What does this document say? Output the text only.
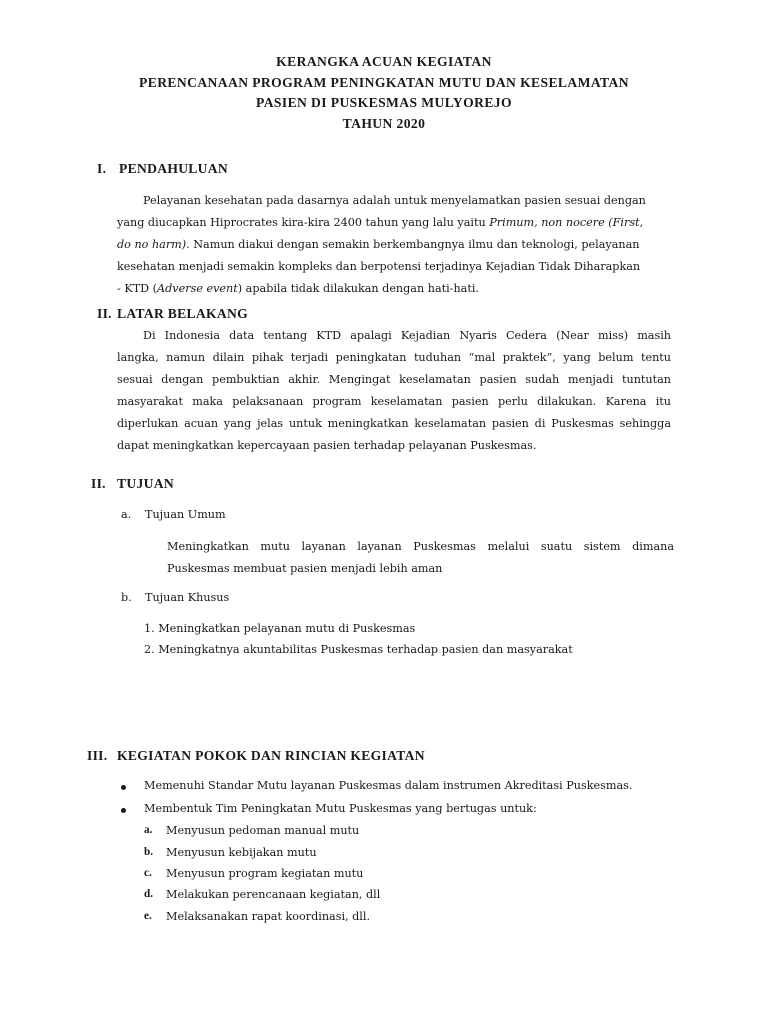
KERANGKA ACUAN KEGIATAN
PERENCANAAN PROGRAM PENINGKATAN MUTU DAN KESELAMATAN
PASIEN DI PUSKESMAS MULYOREJO
TAHUN 2020
I. PENDAHULUAN
Pelayanan kesehatan pada dasarnya adalah untuk menyelamatkan pasien sesuai dengan
yang diucapkan Hiprocrates kira-kira 2400 tahun yang lalu yaitu Primum, non nocere (First,
do no harm). Namun diakui dengan semakin berkembangnya ilmu dan teknologi, pelayanan
kesehatan menjadi semakin kompleks dan berpotensi terjadinya Kejadian Tidak Diharapkan
- KTD (Adverse event) apabila tidak dilakukan dengan hati-hati.
II. LATAR BELAKANG
Di Indonesia data tentang KTD apalagi Kejadian Nyaris Cedera (Near miss) masih
langka, namun dilain pihak terjadi peningkatan tuduhan “mal praktek”, yang belum tentu
sesuai dengan pembuktian akhir. Mengingat keselamatan pasien sudah menjadi tuntutan
masyarakat maka pelaksanaan program keselamatan pasien perlu dilakukan. Karena itu
diperlukan acuan yang jelas untuk meningkatkan keselamatan pasien di Puskesmas sehingga
dapat meningkatkan kepercayaan pasien terhadap pelayanan Puskesmas.
II. TUJUAN
a. Tujuan Umum
Meningkatkan mutu layanan layanan Puskesmas melalui suatu sistem dimana
Puskesmas membuat pasien menjadi lebih aman
b. Tujuan Khusus
1. Meningkatkan pelayanan mutu di Puskesmas
2. Meningkatnya akuntabilitas Puskesmas terhadap pasien dan masyarakat
III. KEGIATAN POKOK DAN RINCIAN KEGIATAN
Memenuhi Standar Mutu layanan Puskesmas dalam instrumen Akreditasi Puskesmas.
Membentuk Tim Peningkatan Mutu Puskesmas yang bertugas untuk:
a. Menyusun pedoman manual mutu
b. Menyusun kebijakan mutu
c. Menyusun program kegiatan mutu
d. Melakukan perencanaan kegiatan, dll
e. Melaksanakan rapat koordinasi, dll.
